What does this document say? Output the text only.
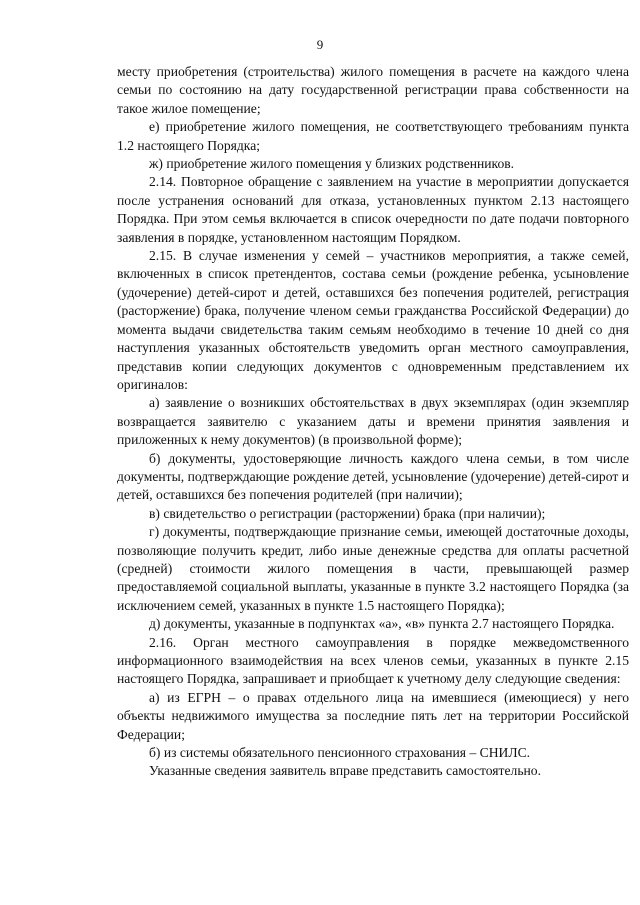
9

месту приобретения (строительства) жилого помещения в расчете на каждого члена семьи по состоянию на дату государственной регистрации права собственности на такое жилое помещение;

е) приобретение жилого помещения, не соответствующего требованиям пункта 1.2 настоящего Порядка;

ж) приобретение жилого помещения у близких родственников.

2.14. Повторное обращение с заявлением на участие в мероприятии допускается после устранения оснований для отказа, установленных пунктом 2.13 настоящего Порядка. При этом семья включается в список очередности по дате подачи повторного заявления в порядке, установленном настоящим Порядком.

2.15. В случае изменения у семей – участников мероприятия, а также семей, включенных в список претендентов, состава семьи (рождение ребенка, усыновление (удочерение) детей-сирот и детей, оставшихся без попечения родителей, регистрация (расторжение) брака, получение членом семьи гражданства Российской Федерации) до момента выдачи свидетельства таким семьям необходимо в течение 10 дней со дня наступления указанных обстоятельств уведомить орган местного самоуправления, представив копии следующих документов с одновременным представлением их оригиналов:

а) заявление о возникших обстоятельствах в двух экземплярах (один экземпляр возвращается заявителю с указанием даты и времени принятия заявления и приложенных к нему документов) (в произвольной форме);

б) документы, удостоверяющие личность каждого члена семьи, в том числе документы, подтверждающие рождение детей, усыновление (удочерение) детей-сирот и детей, оставшихся без попечения родителей (при наличии);

в) свидетельство о регистрации (расторжении) брака (при наличии);

г) документы, подтверждающие признание семьи, имеющей достаточные доходы, позволяющие получить кредит, либо иные денежные средства для оплаты расчетной (средней) стоимости жилого помещения в части, превышающей размер предоставляемой социальной выплаты, указанные в пункте 3.2 настоящего Порядка (за исключением семей, указанных в пункте 1.5 настоящего Порядка);

д) документы, указанные в подпунктах «а», «в» пункта 2.7 настоящего Порядка.

2.16. Орган местного самоуправления в порядке межведомственного информационного взаимодействия на всех членов семьи, указанных в пункте 2.15 настоящего Порядка, запрашивает и приобщает к учетному делу следующие сведения:

а) из ЕГРН – о правах отдельного лица на имевшиеся (имеющиеся) у него объекты недвижимого имущества за последние пять лет на территории Российской Федерации;

б) из системы обязательного пенсионного страхования – СНИЛС.

Указанные сведения заявитель вправе представить самостоятельно.
